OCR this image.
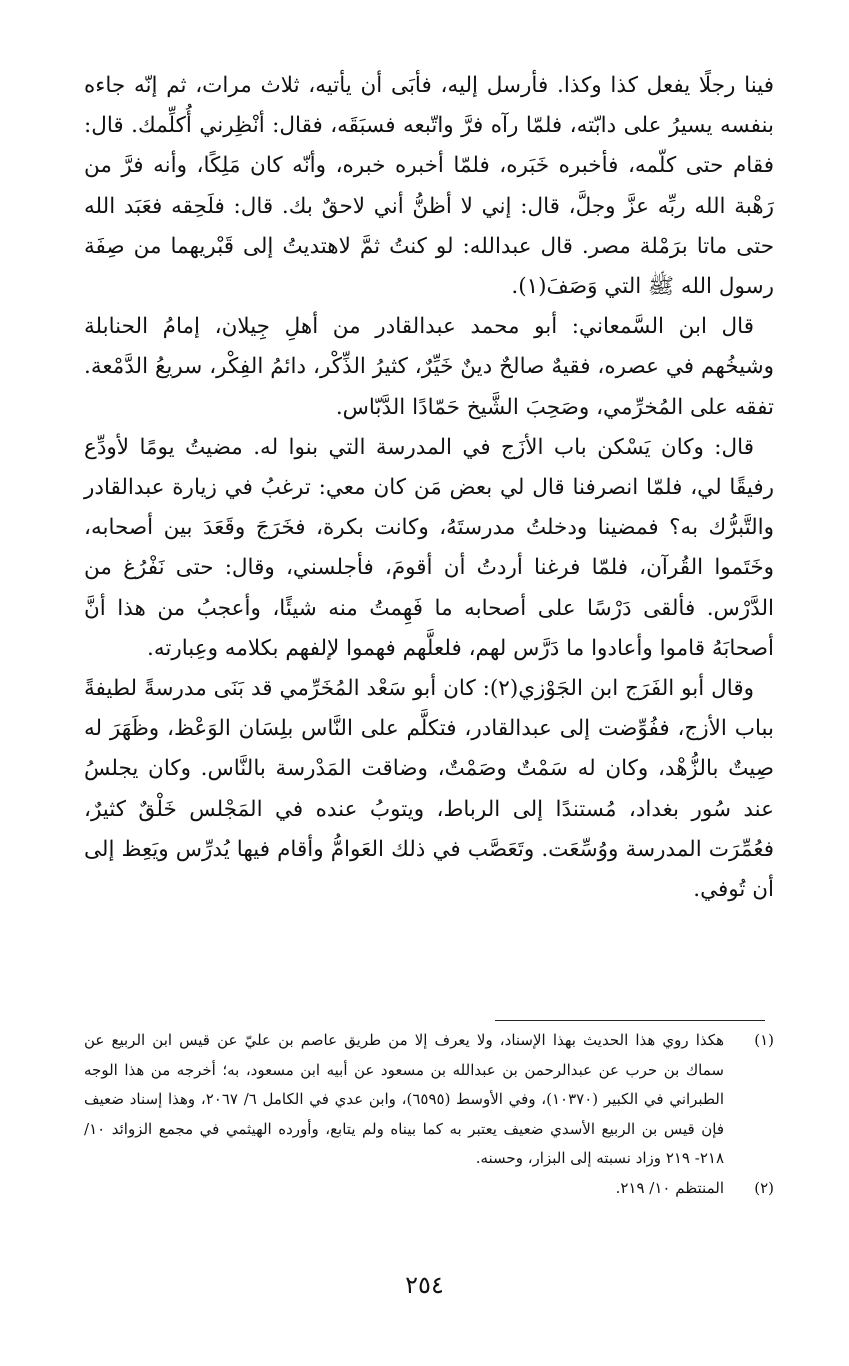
فينا رجلًا يفعل كذا وكذا. فأرسل إليه، فأبَى أن يأتيه، ثلاث مرات، ثم إنّه جاءه بنفسه يسيرُ على دابّته، فلمّا رآه فرَّ واتّبعه فسبَقَه، فقال: أنْظِرني أُكلِّمك. قال: فقام حتى كلّمه، فأخبره خَبَره، فلمّا أخبره خبره، وأنّه كان مَلِكًا، وأنه فرَّ من رَهْبة الله ربِّه عزَّ وجلَّ، قال: إني لا أظنُّ أني لاحقٌ بك. قال: فلَحِقه فعَبَد الله حتى ماتا برَمْلة مصر. قال عبدالله: لو كنتُ ثمَّ لاهتديتُ إلى قَبْريهما من صِفَة رسول الله ﷺ التي وَصَفَ(١).

قال ابن السَّمعاني: أبو محمد عبدالقادر من أهلِ جِيلان، إمامُ الحنابلة وشيخُهم في عصره، فقيهٌ صالحٌ دينٌ خَيِّرٌ، كثيرُ الذِّكْر، دائمُ الفِكْر، سريعُ الدَّمْعة. تفقه على المُخرِّمي، وصَحِبَ الشَّيخ حَمّادًا الدَّبّاس.

قال: وكان يَسْكن باب الأزَج في المدرسة التي بنوا له. مضيتُ يومًا لأودِّع رفيقًا لي، فلمّا انصرفنا قال لي بعض مَن كان معي: ترغبُ في زيارة عبدالقادر والتَّبرُّك به؟ فمضينا ودخلتُ مدرستَهُ، وكانت بكرة، فخَرَجَ وقَعَدَ بين أصحابه، وخَتَموا القُرآن، فلمّا فرغنا أردتُ أن أقومَ، فأجلسني، وقال: حتى نَفْرُغ من الدَّرْس. فألقى دَرْسًا على أصحابه ما فَهِمتُ منه شيئًا، وأعجبُ من هذا أنَّ أصحابَهُ قاموا وأعادوا ما دَرَّس لهم، فلعلَّهم فهموا لإلفهم بكلامه وعِبارته.

وقال أبو الفَرَج ابن الجَوْزي(٢): كان أبو سَعْد المُخَرِّمي قد بَنَى مدرسةً لطيفةً بباب الأزج، ففُوِّضت إلى عبدالقادر، فتكلَّم على النَّاس بلِسَان الوَعْظ، وظَهَرَ له صِيتٌ بالزُّهْد، وكان له سَمْتٌ وصَمْتٌ، وضاقت المَدْرسة بالنَّاس. وكان يجلسُ عند سُور بغداد، مُستندًا إلى الرباط، ويتوبُ عنده في المَجْلس خَلْقٌ كثيرٌ، فعُمِّرَت المدرسة ووُسِّعَت. وتَعَصَّب في ذلك العَوامُّ وأقام فيها يُدرِّس ويَعِظ إلى أن تُوفي.

(١)
هكذا روي هذا الحديث بهذا الإسناد، ولا يعرف إلا من طريق عاصم بن عليّ عن قيس ابن الربيع عن سماك بن حرب عن عبدالرحمن بن عبدالله بن مسعود عن أبيه ابن مسعود، به؛ أخرجه من هذا الوجه الطبراني في الكبير (١٠٣٧٠)، وفي الأوسط (٦٥٩٥)، وابن عدي في الكامل ٦/ ٢٠٦٧، وهذا إسناد ضعيف فإن قيس بن الربيع الأسدي ضعيف يعتبر به كما بيناه ولم يتابع، وأورده الهيثمي في مجمع الزوائد ١٠/ ٢١٨- ٢١٩ وزاد نسبته إلى البزار، وحسنه.
(٢)
المنتظم ١٠/ ٢١٩.
٢٥٤
